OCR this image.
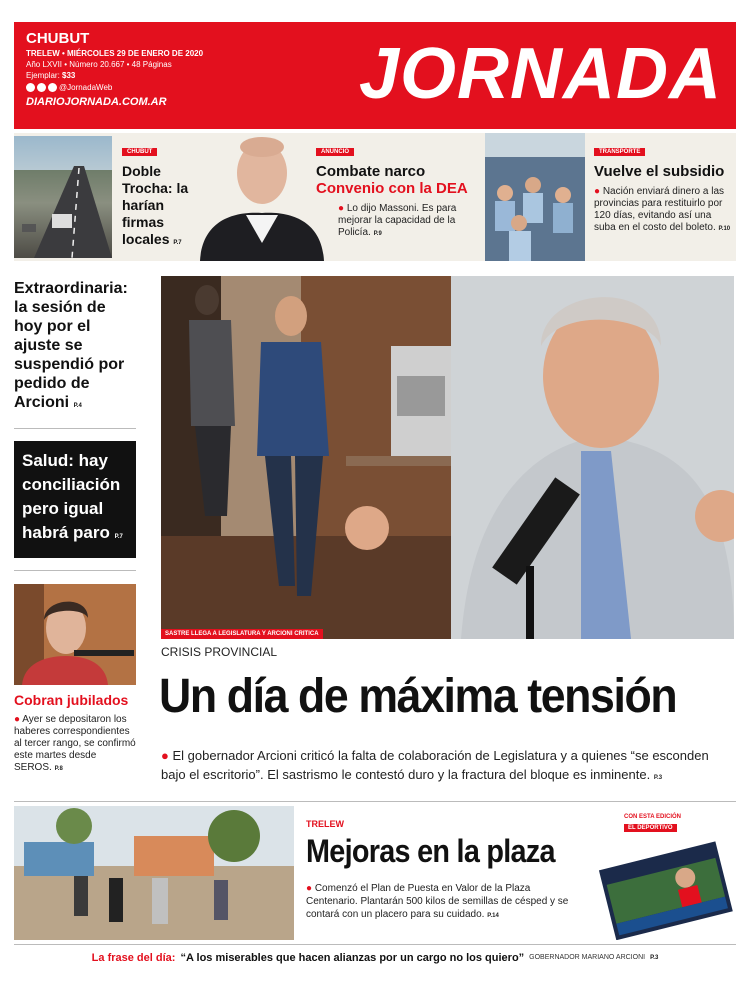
CHUBUT
TRELEW • MIÉRCOLES 29 DE ENERO DE 2020
Año LXVII • Número 20.667 • 48 Páginas
Ejemplar: $33
@JornadaWeb
DIARIOJORNADA.COM.AR	JORNADA
CHUBUT
Doble Trocha: la harían firmas locales P.7
ANUNCIO
Combate narco
Convenio con la DEA
● Lo dijo Massoni. Es para mejorar la capacidad de la Policía. P.9
TRANSPORTE
Vuelve el subsidio
● Nación enviará dinero a las provincias para restituirlo por 120 días, evitando así una suba en el costo del boleto. P.10
Extraordinaria: la sesión de hoy por el ajuste se suspendió por pedido de Arcioni P.4
Salud: hay conciliación pero igual habrá paro P.7
Cobran jubilados
● Ayer se depositaron los haberes correspondientes al tercer rango, se confirmó este martes desde SEROS. P.8
SASTRE LLEGA A LEGISLATURA Y ARCIONI CRITICA
CRISIS PROVINCIAL
Un día de máxima tensión
● El gobernador Arcioni criticó la falta de colaboración de Legislatura y a quienes “se esconden bajo el escritorio”. El sastrismo le contestó duro y la fractura del bloque es inminente. P.3
TRELEW
Mejoras en la plaza
● Comenzó el Plan de Puesta en Valor de la Plaza Centenario. Plantarán 500 kilos de semillas de césped y se contará con un placero para su cuidado. P.14
CON ESTA EDICIÓN
EL DEPORTIVO
La frase del día: “A los miserables que hacen alianzas por un cargo no los quiero” GOBERNADOR MARIANO ARCIONI P.3
